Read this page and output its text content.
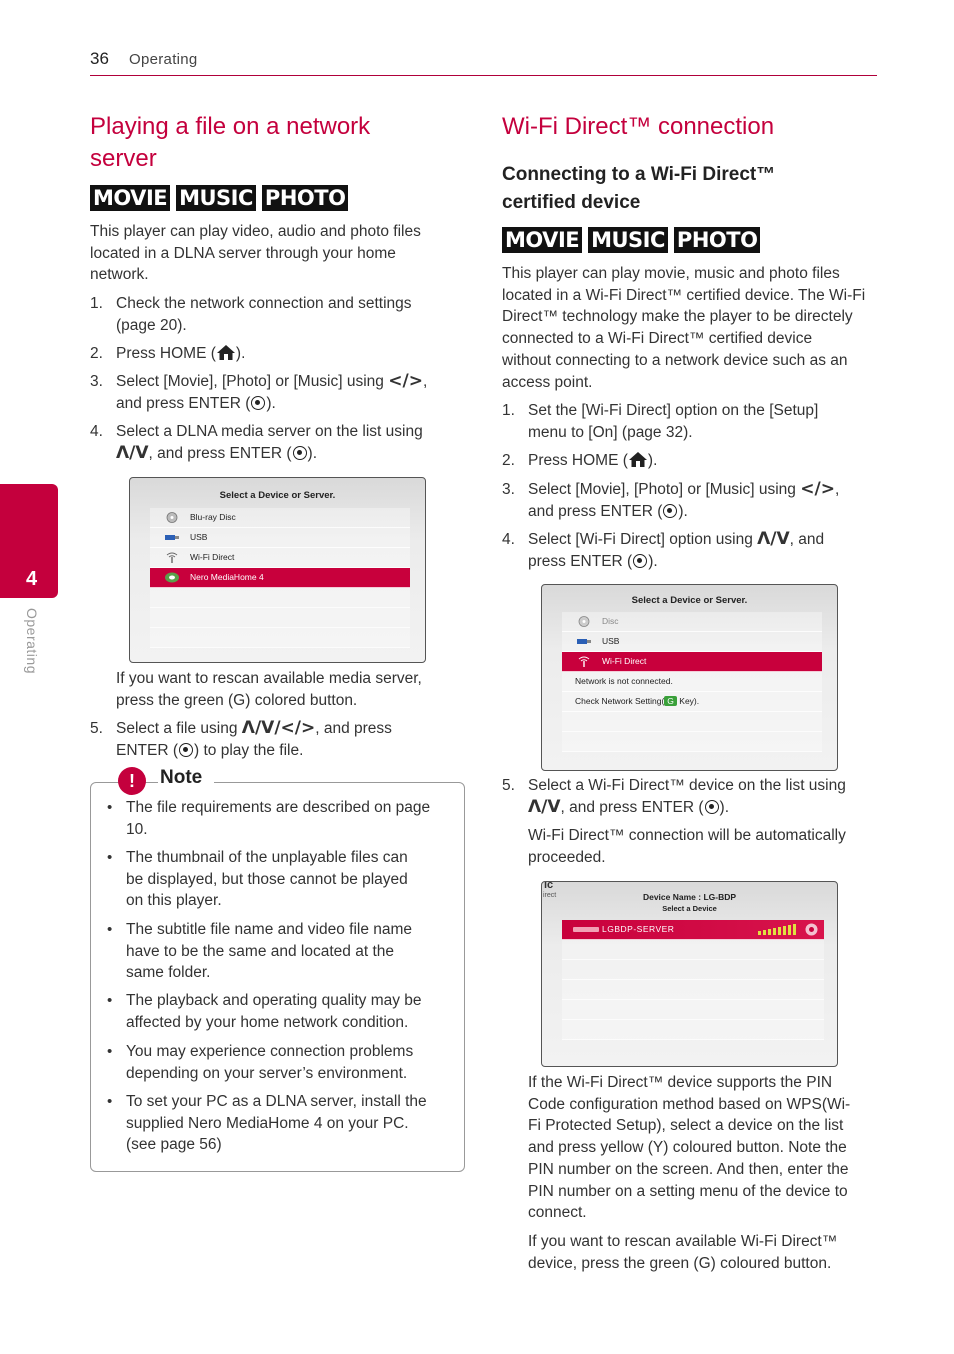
36 Operating
4
Operating
Playing a file on a network
server
MOVIE MUSIC PHOTO
This player can play video, audio and photo files
located in a DLNA server through your home
network.
1. Check the network connection and settings
(page 20).
2. Press HOME ( ).
3. Select [Movie], [Photo] or [Music] using </>,
and press ENTER ( ).
4. Select a DLNA media server on the list using
Λ/V, and press ENTER ( ).
Select a Device or Server.
Blu-ray Disc
USB
Wi-Fi Direct
Nero MediaHome 4
If you want to rescan available media server,
press the green (G) colored button.
5. Select a file using Λ/V/</>, and press
ENTER ( ) to play the file.
!	Note
• The file requirements are described on page
10.
• The thumbnail of the unplayable files can
be displayed, but those cannot be played
on this player.
• The subtitle file name and video file name
have to be the same and located at the
same folder.
• The playback and operating quality may be
affected by your home network condition.
• You may experience connection problems
depending on your server’s environment.
• To set your PC as a DLNA server, install the
supplied Nero MediaHome 4 on your PC.
(see page 56)
Wi-Fi Direct™ connection
Connecting to a Wi-Fi Direct™
certified device
MOVIE MUSIC PHOTO
This player can play movie, music and photo files
located in a Wi-Fi Direct™ certified device. The Wi-Fi
Direct™ technology make the player to be directely
connected to a Wi-Fi Direct™ certified device
without connecting to a network device such as an
access point.
1. Set the [Wi-Fi Direct] option on the [Setup]
menu to [On] (page 32).
2. Press HOME ( ).
3. Select [Movie], [Photo] or [Music] using </>,
and press ENTER ( ).
4. Select [Wi-Fi Direct] option using Λ/V, and
press ENTER ( ).
Select a Device or Server.
Disc
USB
Wi-Fi Direct
Network is not connected.
Check Network Setting( G Key).
5. Select a Wi-Fi Direct™ device on the list using
Λ/V, and press ENTER ( ).
Wi-Fi Direct™ connection will be automatically
proceeded.
ıc
irect	Device Name : LG-BDP
Select a Device
LGBDP-SERVER
If the Wi-Fi Direct™ device supports the PIN
Code configuration method based on WPS(Wi-
Fi Protected Setup), select a device on the list
and press yellow (Y) coloured button. Note the
PIN number on the screen. And then, enter the
PIN number on a setting menu of the device to
connect.
If you want to rescan available Wi-Fi Direct™
device, press the green (G) coloured button.
